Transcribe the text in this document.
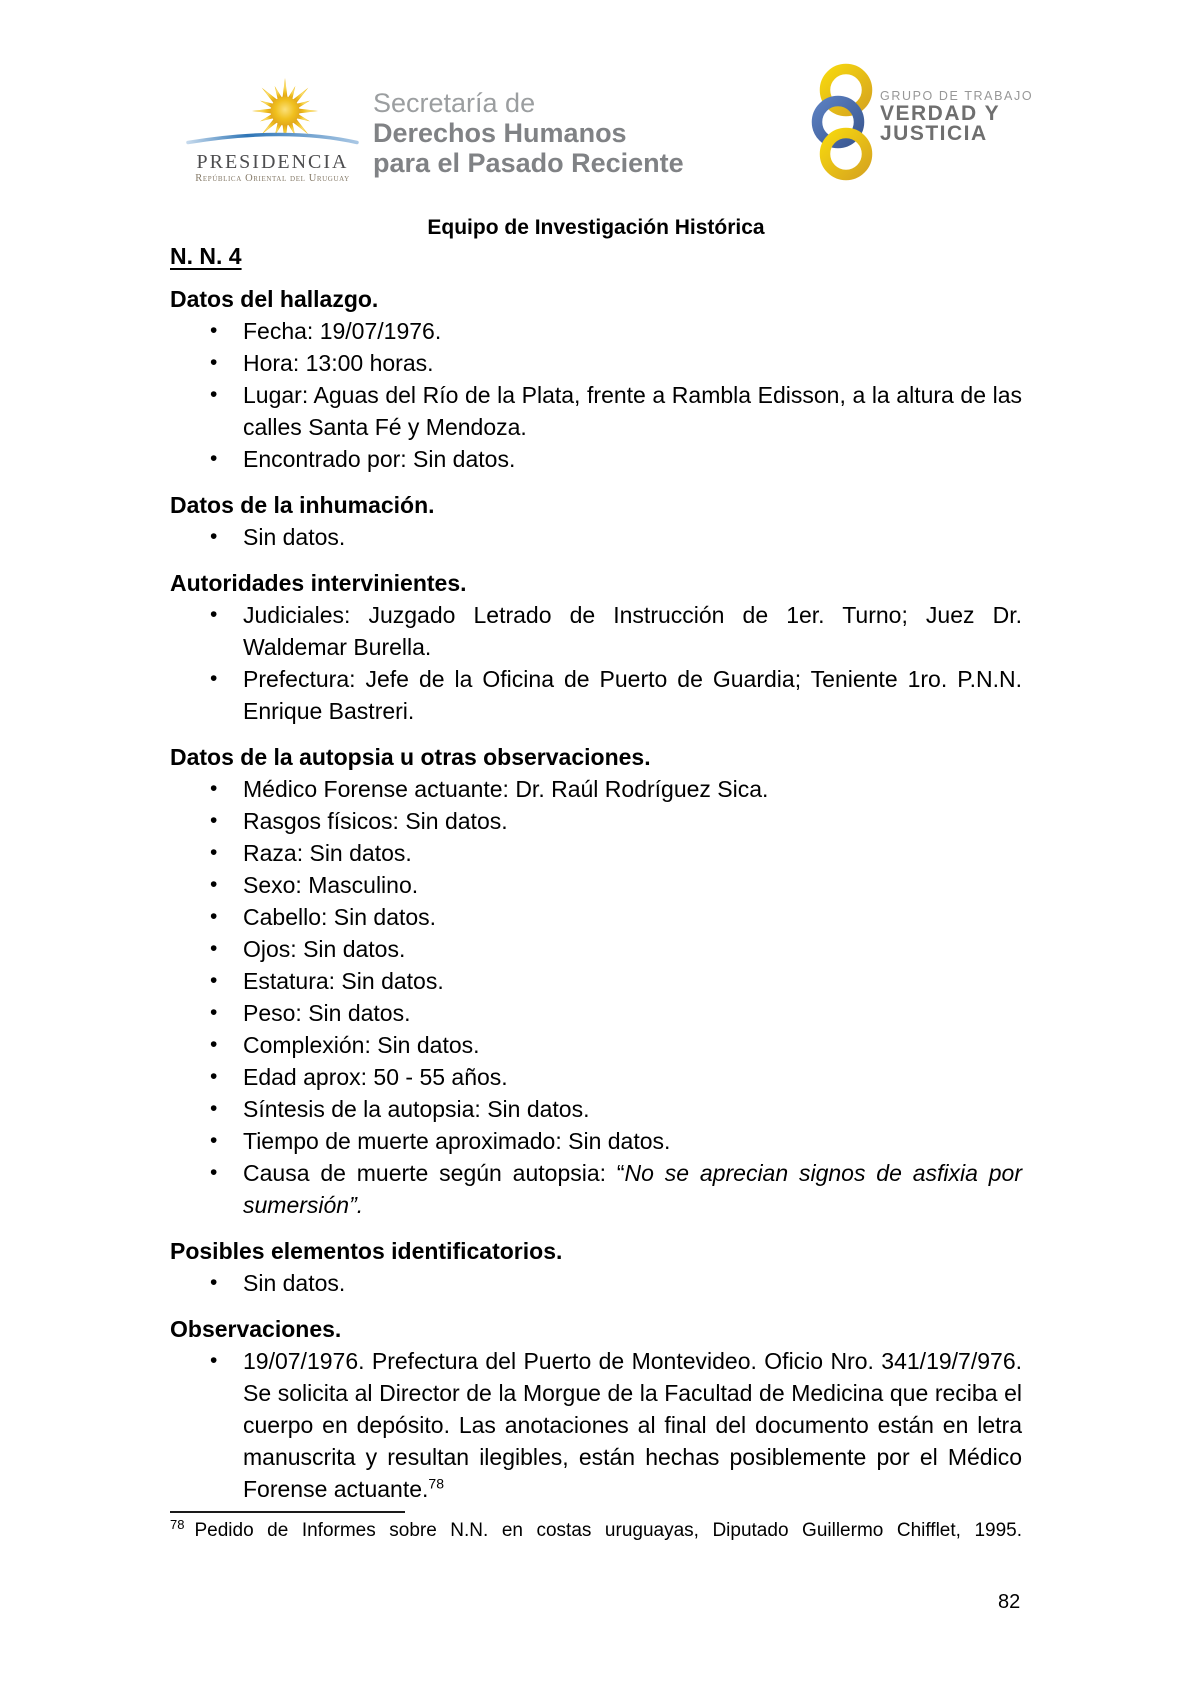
PRESIDENCIA
República Oriental del Uruguay
Secretaría de
Derechos Humanos
para el Pasado Reciente
GRUPO DE TRABAJO
VERDAD Y
JUSTICIA
Equipo de Investigación Histórica
N. N. 4
Datos del hallazgo.
• Fecha: 19/07/1976.
• Hora: 13:00 horas.
• Lugar: Aguas del Río de la Plata, frente a Rambla Edisson, a la altura de las calles Santa Fé y Mendoza.
• Encontrado por: Sin datos.
Datos de la inhumación.
• Sin datos.
Autoridades intervinientes.
• Judiciales: Juzgado Letrado de Instrucción de 1er. Turno; Juez Dr. Waldemar Burella.
• Prefectura: Jefe de la Oficina de Puerto de Guardia; Teniente 1ro. P.N.N. Enrique Bastreri.
Datos de la autopsia u otras observaciones.
• Médico Forense actuante: Dr. Raúl Rodríguez Sica.
• Rasgos físicos: Sin datos.
• Raza: Sin datos.
• Sexo: Masculino.
• Cabello: Sin datos.
• Ojos: Sin datos.
• Estatura: Sin datos.
• Peso: Sin datos.
• Complexión: Sin datos.
• Edad aprox: 50 - 55 años.
• Síntesis de la autopsia: Sin datos.
• Tiempo de muerte aproximado: Sin datos.
• Causa de muerte según autopsia: “No se aprecian signos de asfixia por sumersión”.
Posibles elementos identificatorios.
• Sin datos.
Observaciones.
• 19/07/1976. Prefectura del Puerto de Montevideo. Oficio Nro. 341/19/7/976. Se solicita al Director de la Morgue de la Facultad de Medicina que reciba el cuerpo en depósito. Las anotaciones al final del documento están en letra manuscrita y resultan ilegibles, están hechas posiblemente por el Médico Forense actuante.$^{78}$
$^{78}$ Pedido de Informes sobre N.N. en costas uruguayas, Diputado Guillermo Chifflet, 1995.
82
